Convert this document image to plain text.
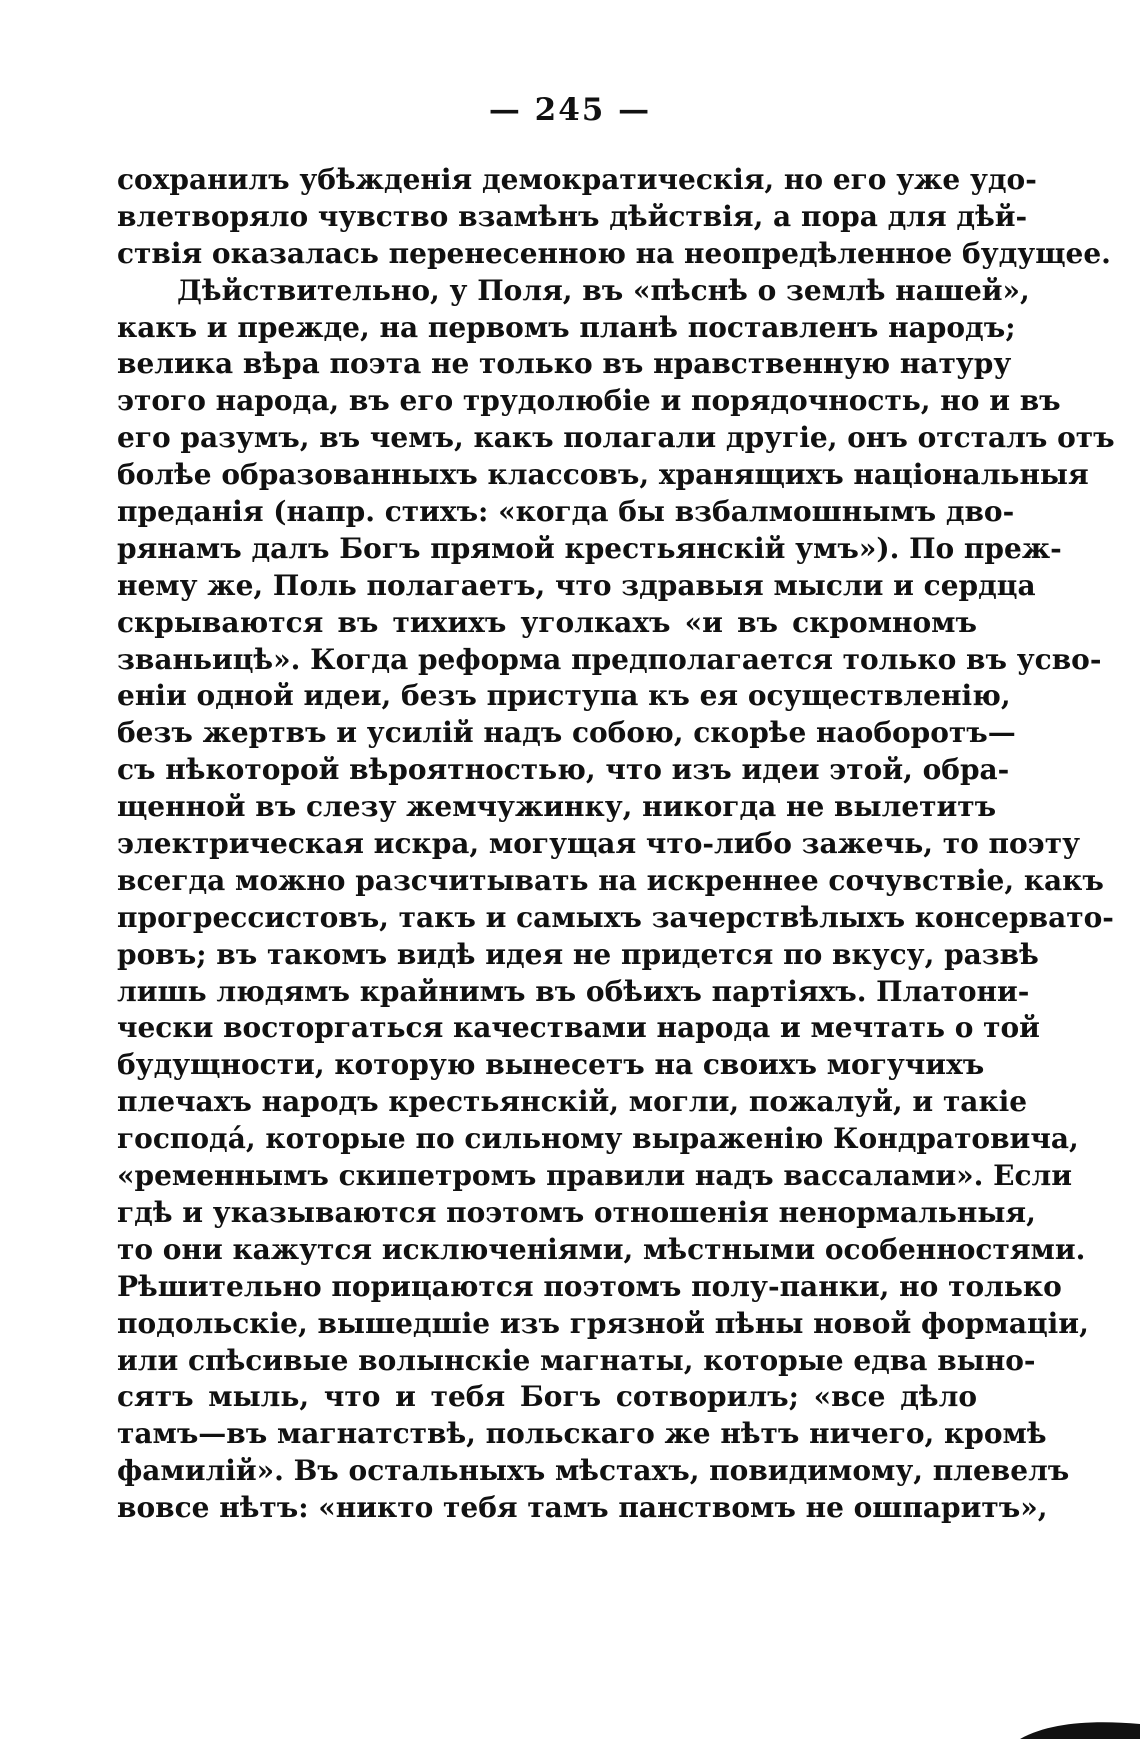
— 245 —
сохранилъ убѣжденія демократическія, но его уже удо-
влетворяло чувство взамѣнъ дѣйствія, а пора для дѣй-
ствія оказалась перенесенною на неопредѣленное будущее.
Дѣйствительно, у Поля, въ «пѣснѣ о землѣ нашей»,
какъ и прежде, на первомъ планѣ поставленъ народъ;
велика вѣра поэта не только въ нравственную натуру
этого народа, въ его трудолюбіе и порядочность, но и въ
его разумъ, въ чемъ, какъ полагали другіе, онъ отсталъ отъ
болѣе образованныхъ классовъ, хранящихъ національныя
преданія (напр. стихъ: «когда бы взбалмошнымъ дво-
рянамъ далъ Богъ прямой крестьянскій умъ»). По преж-
нему же, Поль полагаетъ, что здравыя мысли и сердца
скрываются въ тихихъ уголкахъ «и въ скромномъ
званьицѣ». Когда реформа предполагается только въ усво-
еніи одной идеи, безъ приступа къ ея осуществленію,
безъ жертвъ и усилій надъ собою, скорѣе наоборотъ—
съ нѣкоторой вѣроятностью, что изъ идеи этой, обра-
щенной въ слезу жемчужинку, никогда не вылетитъ
электрическая искра, могущая что-либо зажечь, то поэту
всегда можно разсчитывать на искреннее сочувствіе, какъ
прогрессистовъ, такъ и самыхъ зачерствѣлыхъ консервато-
ровъ; въ такомъ видѣ идея не придется по вкусу, развѣ
лишь людямъ крайнимъ въ обѣихъ партіяхъ. Платони-
чески восторгаться качествами народа и мечтать о той
будущности, которую вынесетъ на своихъ могучихъ
плечахъ народъ крестьянскій, могли, пожалуй, и такіе
господа́, которые по сильному выраженію Кондратовича,
«ременнымъ скипетромъ правили надъ вассалами». Если
гдѣ и указываются поэтомъ отношенія ненормальныя,
то они кажутся исключеніями, мѣстными особенностями.
Рѣшительно порицаются поэтомъ полу-панки, но только
подольскіе, вышедшіе изъ грязной пѣны новой формаціи,
или спѣсивые волынскіе магнаты, которые едва выно-
сятъ мыль, что и тебя Богъ сотворилъ; «все дѣло
тамъ—въ магнатствѣ, польскаго же нѣтъ ничего, кромѣ
фамилій». Въ остальныхъ мѣстахъ, повидимому, плевелъ
вовсе нѣтъ: «никто тебя тамъ панствомъ не ошпаритъ»,
